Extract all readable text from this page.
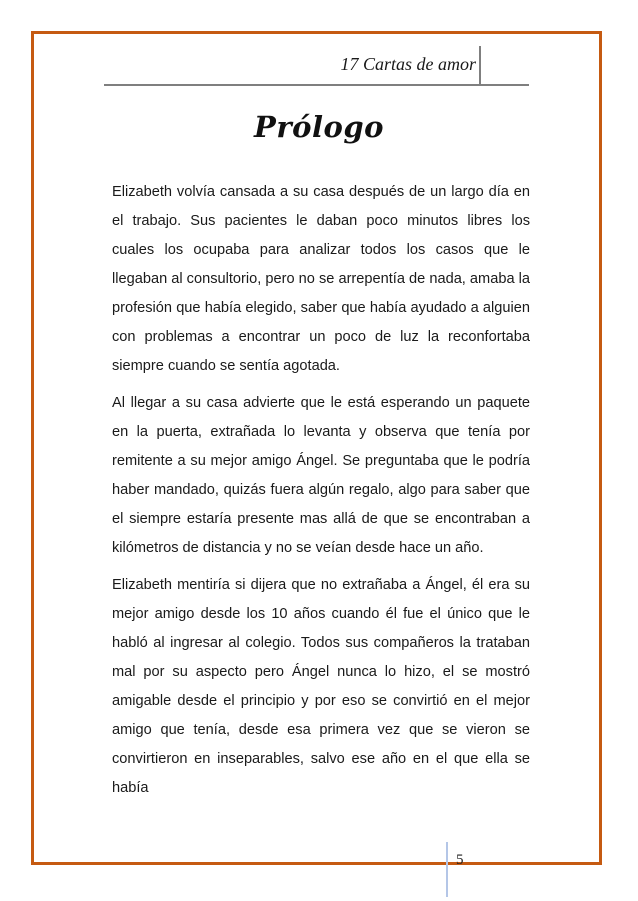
17 Cartas de amor
Prólogo

Elizabeth volvía cansada a su casa después de un largo día en el trabajo. Sus pacientes le daban poco minutos libres los cuales los ocupaba para analizar todos los casos que le llegaban al consultorio, pero no se arrepentía de nada, amaba la profesión que había elegido, saber que había ayudado a alguien con problemas a encontrar un poco de luz la reconfortaba siempre cuando se sentía agotada.

Al llegar a su casa advierte que le está esperando un paquete en la puerta, extrañada lo levanta y observa que tenía por remitente a su mejor amigo Ángel. Se preguntaba que le podría haber mandado, quizás fuera algún regalo, algo para saber que el siempre estaría presente mas allá de que se encontraban a kilómetros de distancia y no se veían desde hace un año.

Elizabeth mentiría si dijera que no extrañaba a Ángel, él era su mejor amigo desde los 10 años cuando él fue el único que le habló al ingresar al colegio. Todos sus compañeros la trataban mal por su aspecto pero Ángel nunca lo hizo, el se mostró amigable desde el principio y por eso se convirtió en el mejor amigo que tenía, desde esa primera vez que se vieron se convirtieron en inseparables, salvo ese año en el que ella se había

5
